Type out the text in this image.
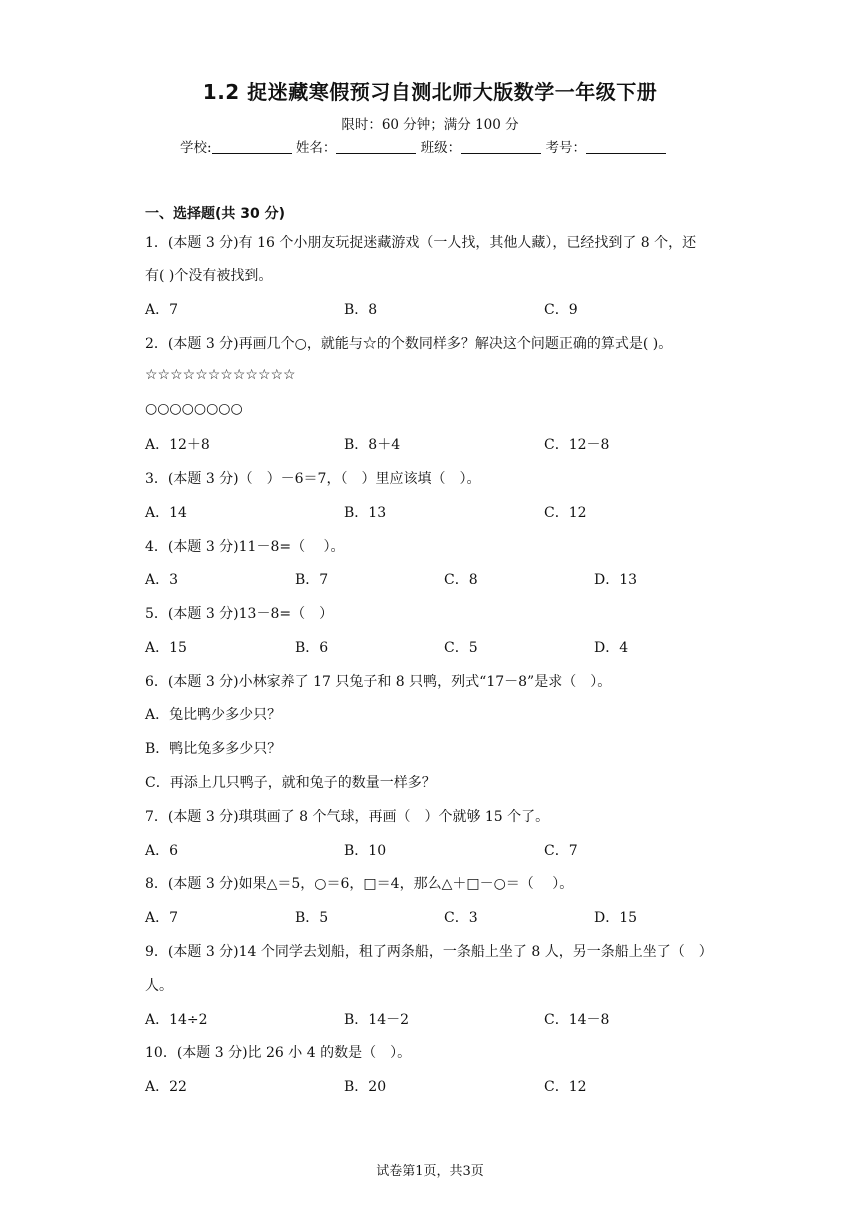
1.2 捉迷藏寒假预习自测北师大版数学一年级下册
限时：60 分钟；满分 100 分
学校:	姓名：	班级：	考号：
一、选择题(共 30 分)
1．(本题 3 分)有 16 个小朋友玩捉迷藏游戏（一人找，其他人藏），已经找到了 8 个，还
有( )个没有被找到。
A．7	B．8	C．9
2．(本题 3 分)再画几个○，就能与☆的个数同样多？解决这个问题正确的算式是( )。
☆☆☆☆☆☆☆☆☆☆☆☆
○○○○○○○○
A．12＋8	B．8＋4	C．12－8
3．(本题 3 分)（　）－6＝7，（　）里应该填（　）。
A．14	B．13	C．12
4．(本题 3 分)11－8=（　 ）。
A．3	B．7	C．8	D．13
5．(本题 3 分)13－8=（　）
A．15	B．6	C．5	D．4
6．(本题 3 分)小林家养了 17 只兔子和 8 只鸭，列式“17－8”是求（　）。
A．兔比鸭少多少只？
B．鸭比兔多多少只？
C．再添上几只鸭子，就和兔子的数量一样多？
7．(本题 3 分)琪琪画了 8 个气球，再画（　）个就够 15 个了。
A．6	B．10	C．7
8．(本题 3 分)如果△＝5，○＝6，□＝4，那么△＋□－○＝（　 ）。
A．7	B．5	C．3	D．15
9．(本题 3 分)14 个同学去划船，租了两条船，一条船上坐了 8 人，另一条船上坐了（　）
人。
A．14÷2	B．14－2	C．14－8
10．(本题 3 分)比 26 小 4 的数是（　）。
A．22	B．20	C．12
试卷第1页，共3页
